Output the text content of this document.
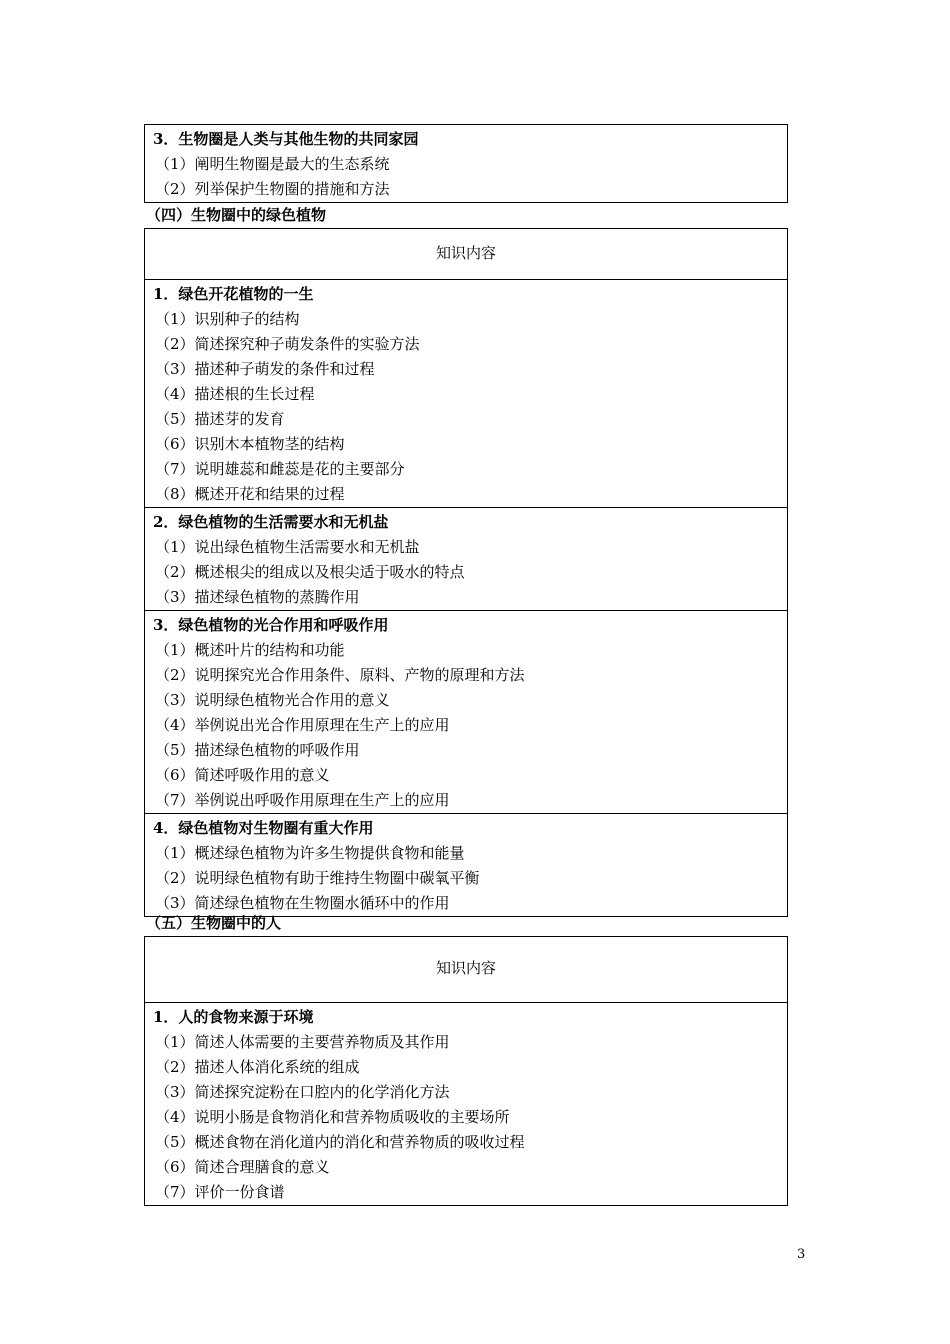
3．生物圈是人类与其他生物的共同家园
（1）阐明生物圈是最大的生态系统
（2）列举保护生物圈的措施和方法
（四）生物圈中的绿色植物
知识内容
1．绿色开花植物的一生
（1）识别种子的结构
（2）简述探究种子萌发条件的实验方法
（3）描述种子萌发的条件和过程
（4）描述根的生长过程
（5）描述芽的发育
（6）识别木本植物茎的结构
（7）说明雄蕊和雌蕊是花的主要部分
（8）概述开花和结果的过程
2．绿色植物的生活需要水和无机盐
（1）说出绿色植物生活需要水和无机盐
（2）概述根尖的组成以及根尖适于吸水的特点
（3）描述绿色植物的蒸腾作用
3．绿色植物的光合作用和呼吸作用
（1）概述叶片的结构和功能
（2）说明探究光合作用条件、原料、产物的原理和方法
（3）说明绿色植物光合作用的意义
（4）举例说出光合作用原理在生产上的应用
（5）描述绿色植物的呼吸作用
（6）简述呼吸作用的意义
（7）举例说出呼吸作用原理在生产上的应用
4．绿色植物对生物圈有重大作用
（1）概述绿色植物为许多生物提供食物和能量
（2）说明绿色植物有助于维持生物圈中碳氧平衡
（3）简述绿色植物在生物圈水循环中的作用
（五）生物圈中的人
知识内容
1．人的食物来源于环境
（1）简述人体需要的主要营养物质及其作用
（2）描述人体消化系统的组成
（3）简述探究淀粉在口腔内的化学消化方法
（4）说明小肠是食物消化和营养物质吸收的主要场所
（5）概述食物在消化道内的消化和营养物质的吸收过程
（6）简述合理膳食的意义
（7）评价一份食谱
3
